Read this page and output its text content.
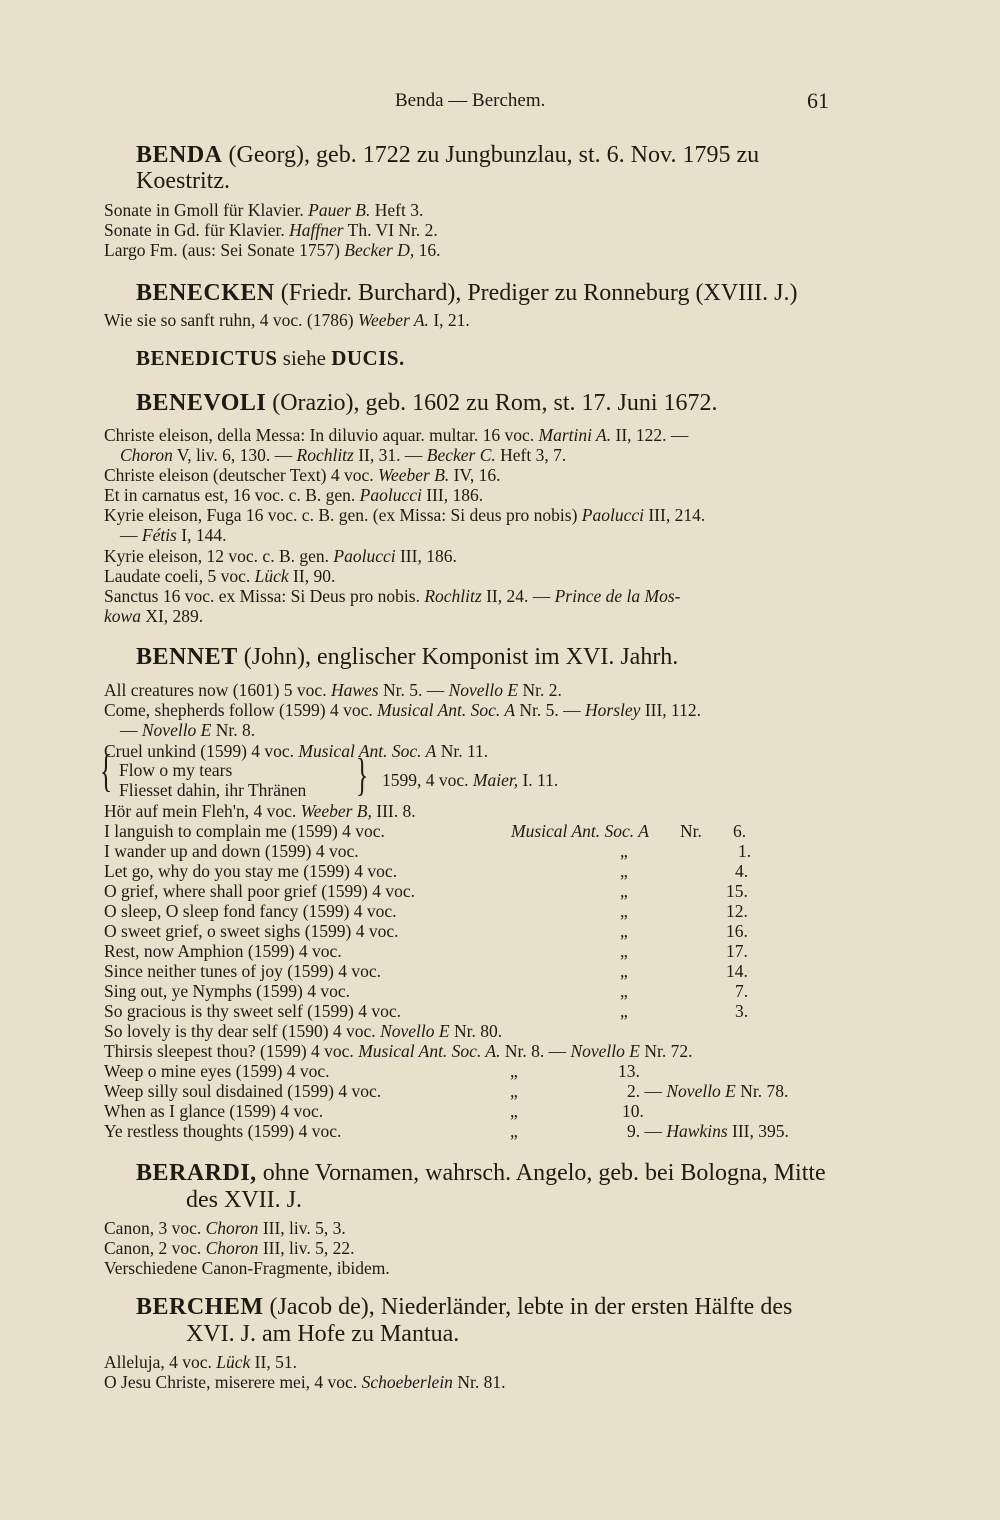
Benda — Berchem.	61
BENDA (Georg), geb. 1722 zu Jungbunzlau, st. 6. Nov. 1795 zu
Koestritz.
Sonate in Gmoll für Klavier. Pauer B. Heft 3.
Sonate in Gd. für Klavier. Haffner Th. VI Nr. 2.
Largo Fm. (aus: Sei Sonate 1757) Becker D, 16.
BENECKEN (Friedr. Burchard), Prediger zu Ronneburg (XVIII. J.)
Wie sie so sanft ruhn, 4 voc. (1786) Weeber A. I, 21.
BENEDICTUS siehe DUCIS.
BENEVOLI (Orazio), geb. 1602 zu Rom, st. 17. Juni 1672.
Christe eleison, della Messa: In diluvio aquar. multar. 16 voc. Martini A. II, 122. —
Choron V, liv. 6, 130. — Rochlitz II, 31. — Becker C. Heft 3, 7.
Christe eleison (deutscher Text) 4 voc. Weeber B. IV, 16.
Et in carnatus est, 16 voc. c. B. gen. Paolucci III, 186.
Kyrie eleison, Fuga 16 voc. c. B. gen. (ex Missa: Si deus pro nobis) Paolucci III, 214.
— Fétis I, 144.
Kyrie eleison, 12 voc. c. B. gen. Paolucci III, 186.
Laudate coeli, 5 voc. Lück II, 90.
Sanctus 16 voc. ex Missa: Si Deus pro nobis. Rochlitz II, 24. — Prince de la Mos-
kowa XI, 289.
BENNET (John), englischer Komponist im XVI. Jahrh.
All creatures now (1601) 5 voc. Hawes Nr. 5. — Novello E Nr. 2.
Come, shepherds follow (1599) 4 voc. Musical Ant. Soc. A Nr. 5. — Horsley III, 112.
— Novello E Nr. 8.
Cruel unkind (1599) 4 voc. Musical Ant. Soc. A Nr. 11.
{ Flow o my tears
Fliesset dahin, ihr Thränen } 1599, 4 voc. Maier, I. 11.
Hör auf mein Fleh'n, 4 voc. Weeber B, III. 8.
I languish to complain me (1599) 4 voc.	Musical Ant. Soc. A Nr. 6.
I wander up and down (1599) 4 voc.	„	1.
Let go, why do you stay me (1599) 4 voc.	„	4.
O grief, where shall poor grief (1599) 4 voc.	„	15.
O sleep, O sleep fond fancy (1599) 4 voc.	„	12.
O sweet grief, o sweet sighs (1599) 4 voc.	„	16.
Rest, now Amphion (1599) 4 voc.	„	17.
Since neither tunes of joy (1599) 4 voc.	„	14.
Sing out, ye Nymphs (1599) 4 voc.	„	7.
So gracious is thy sweet self (1599) 4 voc.	„	3.
So lovely is thy dear self (1590) 4 voc. Novello E Nr. 80.
Thirsis sleepest thou? (1599) 4 voc. Musical Ant. Soc. A. Nr. 8. — Novello E Nr. 72.
Weep o mine eyes (1599) 4 voc.	„	13.
Weep silly soul disdained (1599) 4 voc.	„	2. — Novello E Nr. 78.
When as I glance (1599) 4 voc.	„	10.
Ye restless thoughts (1599) 4 voc.	„	9. — Hawkins III, 395.
BERARDI, ohne Vornamen, wahrsch. Angelo, geb. bei Bologna, Mitte
des XVII. J.
Canon, 3 voc. Choron III, liv. 5, 3.
Canon, 2 voc. Choron III, liv. 5, 22.
Verschiedene Canon-Fragmente, ibidem.
BERCHEM (Jacob de), Niederländer, lebte in der ersten Hälfte des
XVI. J. am Hofe zu Mantua.
Alleluja, 4 voc. Lück II, 51.
O Jesu Christe, miserere mei, 4 voc. Schoeberlein Nr. 81.
